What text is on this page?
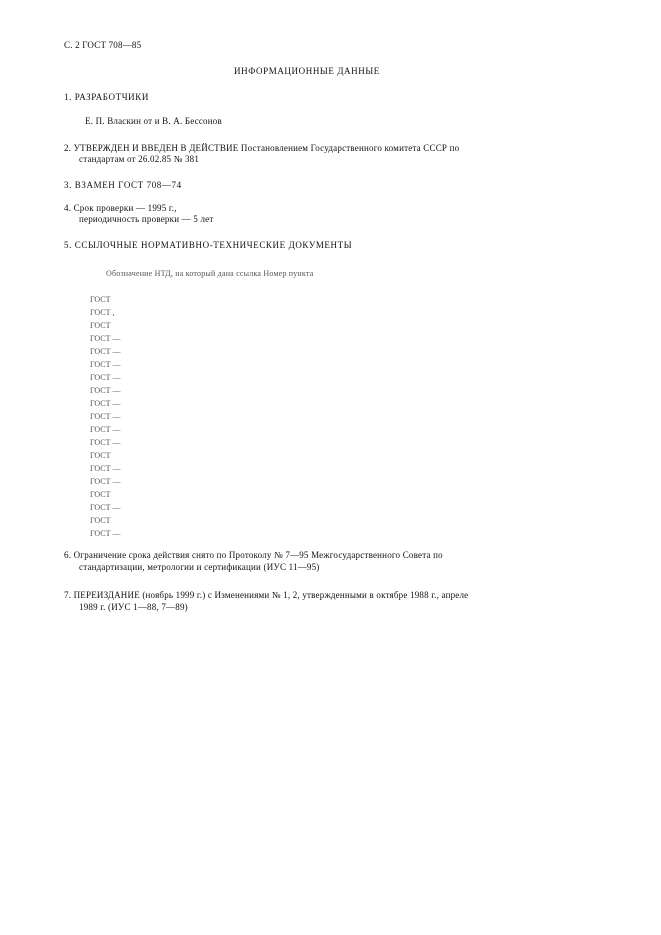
С. 2 ГОСТ 708—85
ИНФОРМАЦИОННЫЕ ДАННЫЕ
1. РАЗРАБОТЧИКИ
Е. П. Власкин от и В. А. Бессонов
2. УТВЕРЖДЕН И ВВЕДЕН В ДЕЙСТВИЕ Постановлением Государственного комитета СССР по
стандартам от 26.02.85 № 381
3. ВЗАМЕН ГОСТ 708—74
4. Срок проверки — 1995 г.,
периодичность проверки — 5 лет
5. ССЫЛОЧНЫЕ НОРМАТИВНО-ТЕХНИЧЕСКИЕ ДОКУМЕНТЫ
Обозначение НТД, на который дана ссылка Номер пункта
ГОСТ
ГОСТ ,
ГОСТ
ГОСТ —
ГОСТ —
ГОСТ —
ГОСТ —
ГОСТ —
ГОСТ —
ГОСТ —
ГОСТ —
ГОСТ —
ГОСТ
ГОСТ —
ГОСТ —
ГОСТ
ГОСТ —
ГОСТ
ГОСТ —
6. Ограничение срока действия снято по Протоколу № 7—95 Межгосударственного Совета по
стандартизации, метрологии и сертификации (ИУС 11—95)
7. ПЕРЕИЗДАНИЕ (ноябрь 1999 г.) с Изменениями № 1, 2, утвержденными в октябре 1988 г., апреле
1989 г. (ИУС 1—88, 7—89)
